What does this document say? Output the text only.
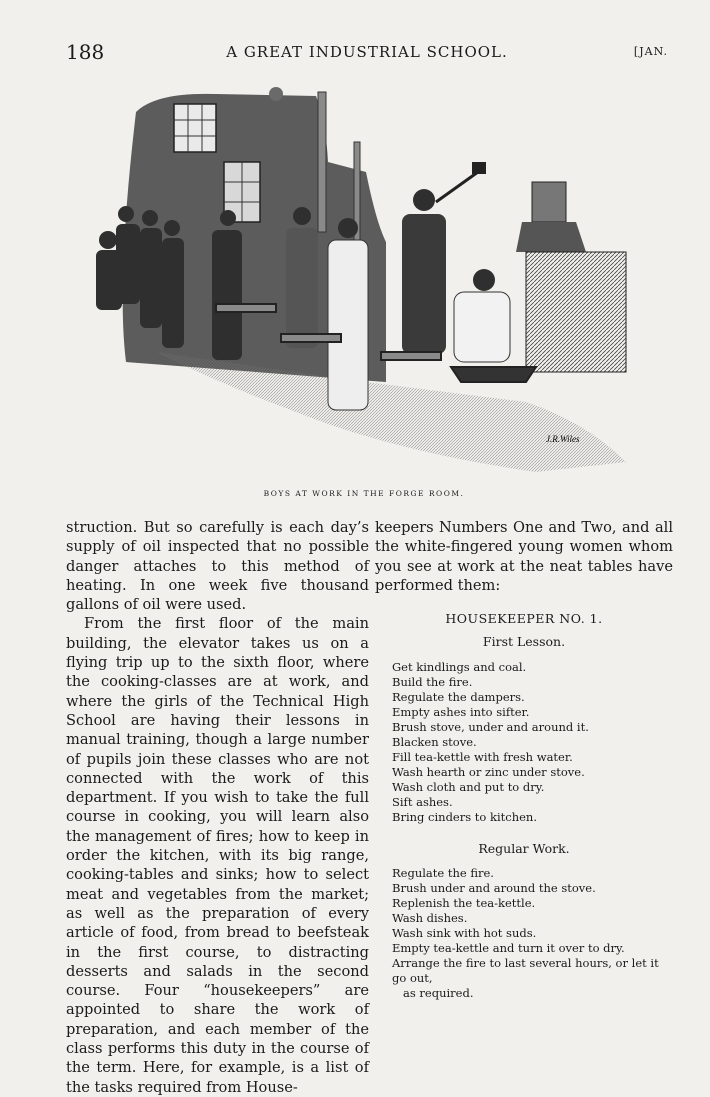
188	A GREAT INDUSTRIAL SCHOOL.	[JAN.
J.R.Wiles
BOYS AT WORK IN THE FORGE ROOM.

struction. But so carefully is each day’s supply of oil inspected that no possible danger attaches to this method of heating. In one week five thousand gallons of oil were used.

From the first floor of the main building, the elevator takes us on a flying trip up to the sixth floor, where the cooking-classes are at work, and where the girls of the Technical High School are having their lessons in manual training, though a large number of pupils join these classes who are not connected with the work of this department. If you wish to take the full course in cooking, you will learn also the management of fires; how to keep in order the kitchen, with its big range, cooking-tables and sinks; how to select meat and vegetables from the market; as well as the preparation of every article of food, from bread to beefsteak in the first course, to distracting desserts and salads in the second course. Four “housekeepers” are appointed to share the work of preparation, and each member of the class performs this duty in the course of the term. Here, for example, is a list of the tasks required from House-

keepers Numbers One and Two, and all the white-fingered young women whom you see at work at the neat tables have performed them:

HOUSEKEEPER NO. 1.
First Lesson.
Get kindlings and coal.
Build the fire.
Regulate the dampers.
Empty ashes into sifter.
Brush stove, under and around it.
Blacken stove.
Fill tea-kettle with fresh water.
Wash hearth or zinc under stove.
Wash cloth and put to dry.
Sift ashes.
Bring cinders to kitchen.
Regular Work.
Regulate the fire.
Brush under and around the stove.
Replenish the tea-kettle.
Wash dishes.
Wash sink with hot suds.
Empty tea-kettle and turn it over to dry.
Arrange the fire to last several hours, or let it go out,
as required.
